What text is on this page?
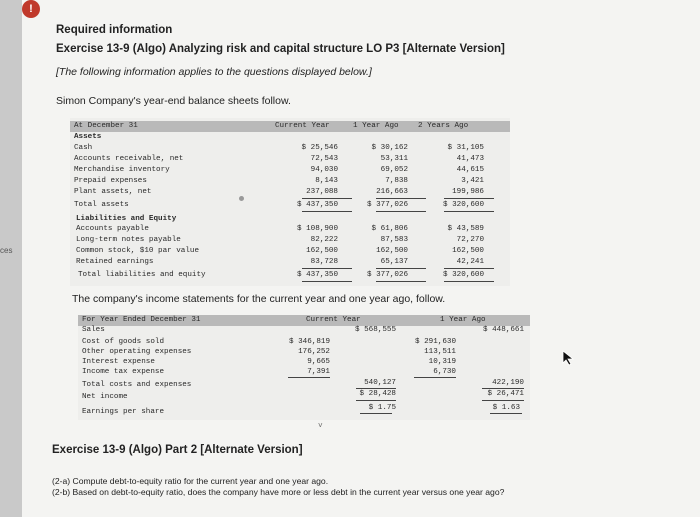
ces
!
Required information
Exercise 13-9 (Algo) Analyzing risk and capital structure LO P3 [Alternate Version]
[The following information applies to the questions displayed below.]
Simon Company's year-end balance sheets follow.
At December 31	Current Year	1 Year Ago	2 Years Ago
Assets
Cash	$ 25,546	$ 30,162	$ 31,105
Accounts receivable, net	72,543	53,311	41,473
Merchandise inventory	94,030	69,052	44,615
Prepaid expenses	8,143	7,838	3,421
Plant assets, net	237,088	216,663	199,986
Total assets	$ 437,350	$ 377,026	$ 320,600
Liabilities and Equity
Accounts payable	$ 108,900	$ 61,806	$ 43,589
Long-term notes payable	82,222	87,583	72,270
Common stock, $10 par value	162,500	162,500	162,500
Retained earnings	83,728	65,137	42,241
Total liabilities and equity	$ 437,350	$ 377,026	$ 320,600
The company's income statements for the current year and one year ago, follow.
For Year Ended December 31	Current Year	1 Year Ago
Sales	$ 568,555	$ 448,661
Cost of goods sold	$ 346,819	$ 291,630
Other operating expenses	176,252	113,511
Interest expense	9,665	10,319
Income tax expense	7,391	6,730
Total costs and expenses	540,127	422,190
Net income	$ 28,428	$ 26,471
Earnings per share	$ 1.75	$ 1.63
˅
Exercise 13-9 (Algo) Part 2 [Alternate Version]
(2-a) Compute debt-to-equity ratio for the current year and one year ago.
(2-b) Based on debt-to-equity ratio, does the company have more or less debt in the current year versus one year ago?
